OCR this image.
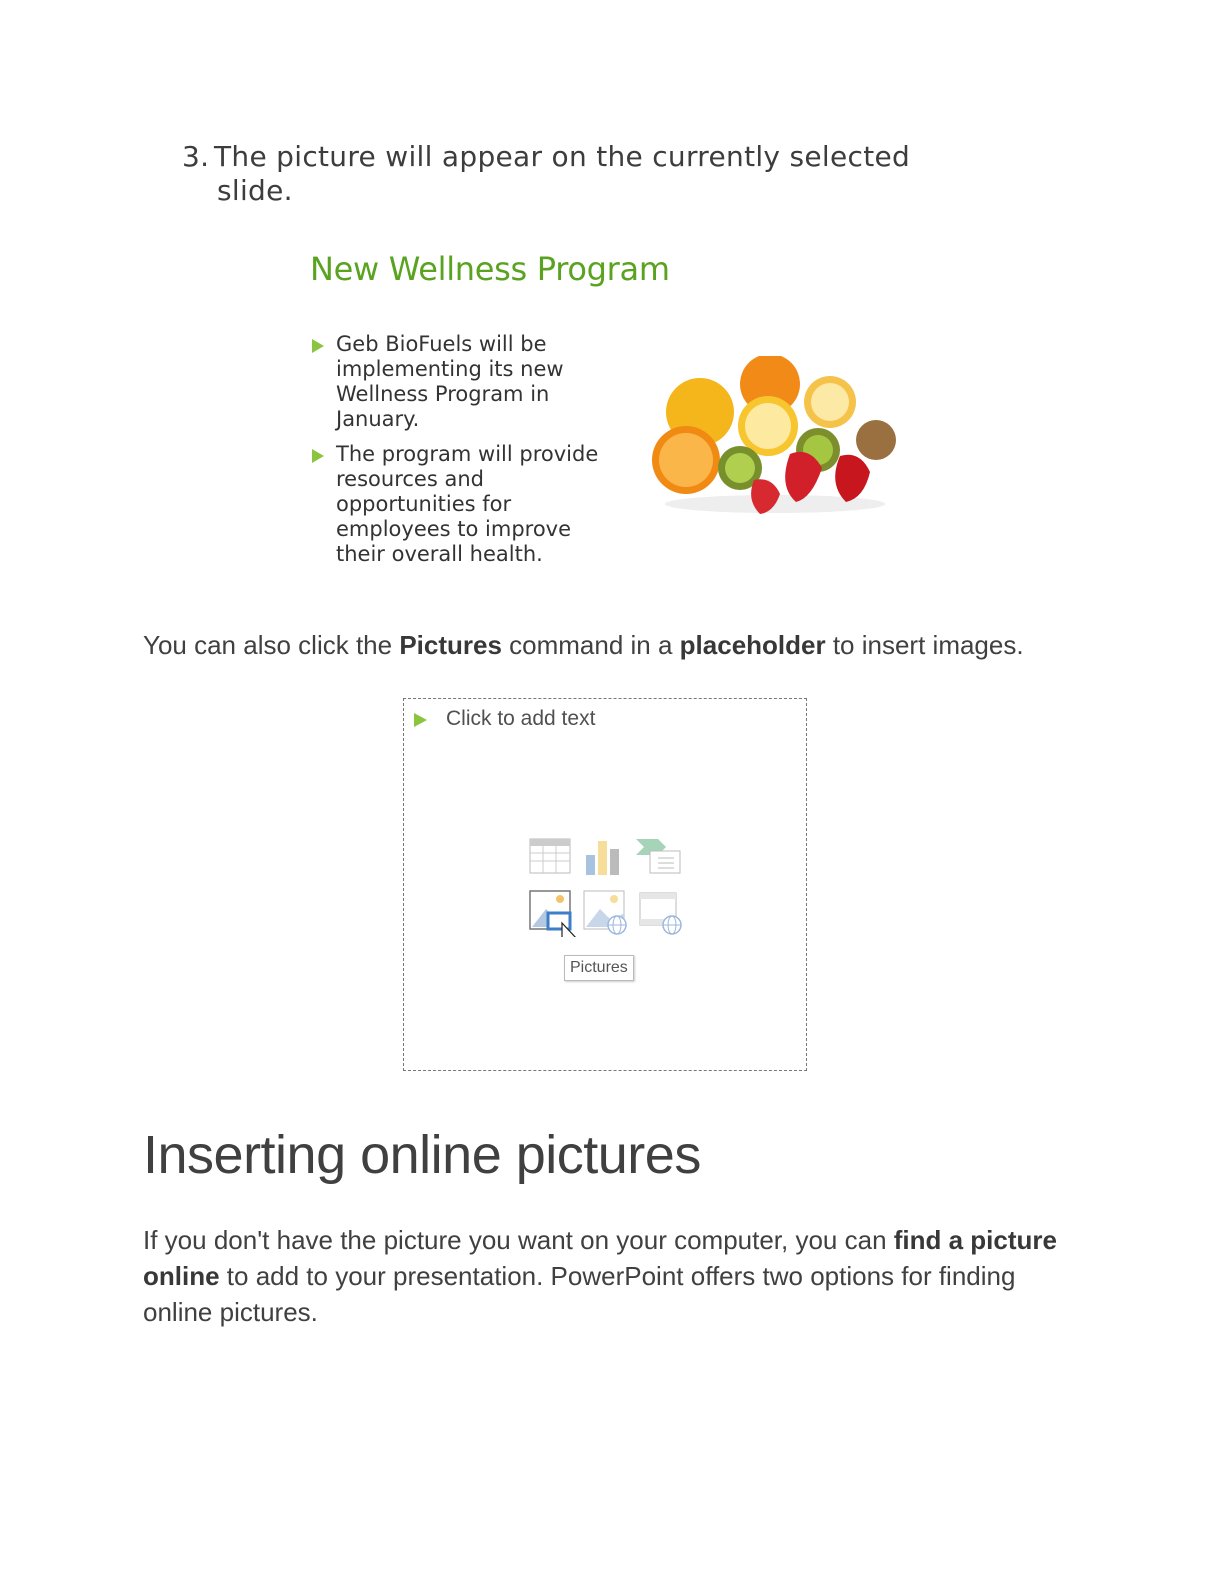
3. The picture will appear on the currently selected
slide.
New Wellness Program
Geb BioFuels will be implementing its new Wellness Program in January.
The program will provide resources and opportunities for employees to improve their overall health.
You can also click the Pictures command in a placeholder to insert images.
Click to add text
Pictures
Inserting online pictures
If you don't have the picture you want on your computer, you can find a picture online to add to your presentation. PowerPoint offers two options for finding online pictures.
